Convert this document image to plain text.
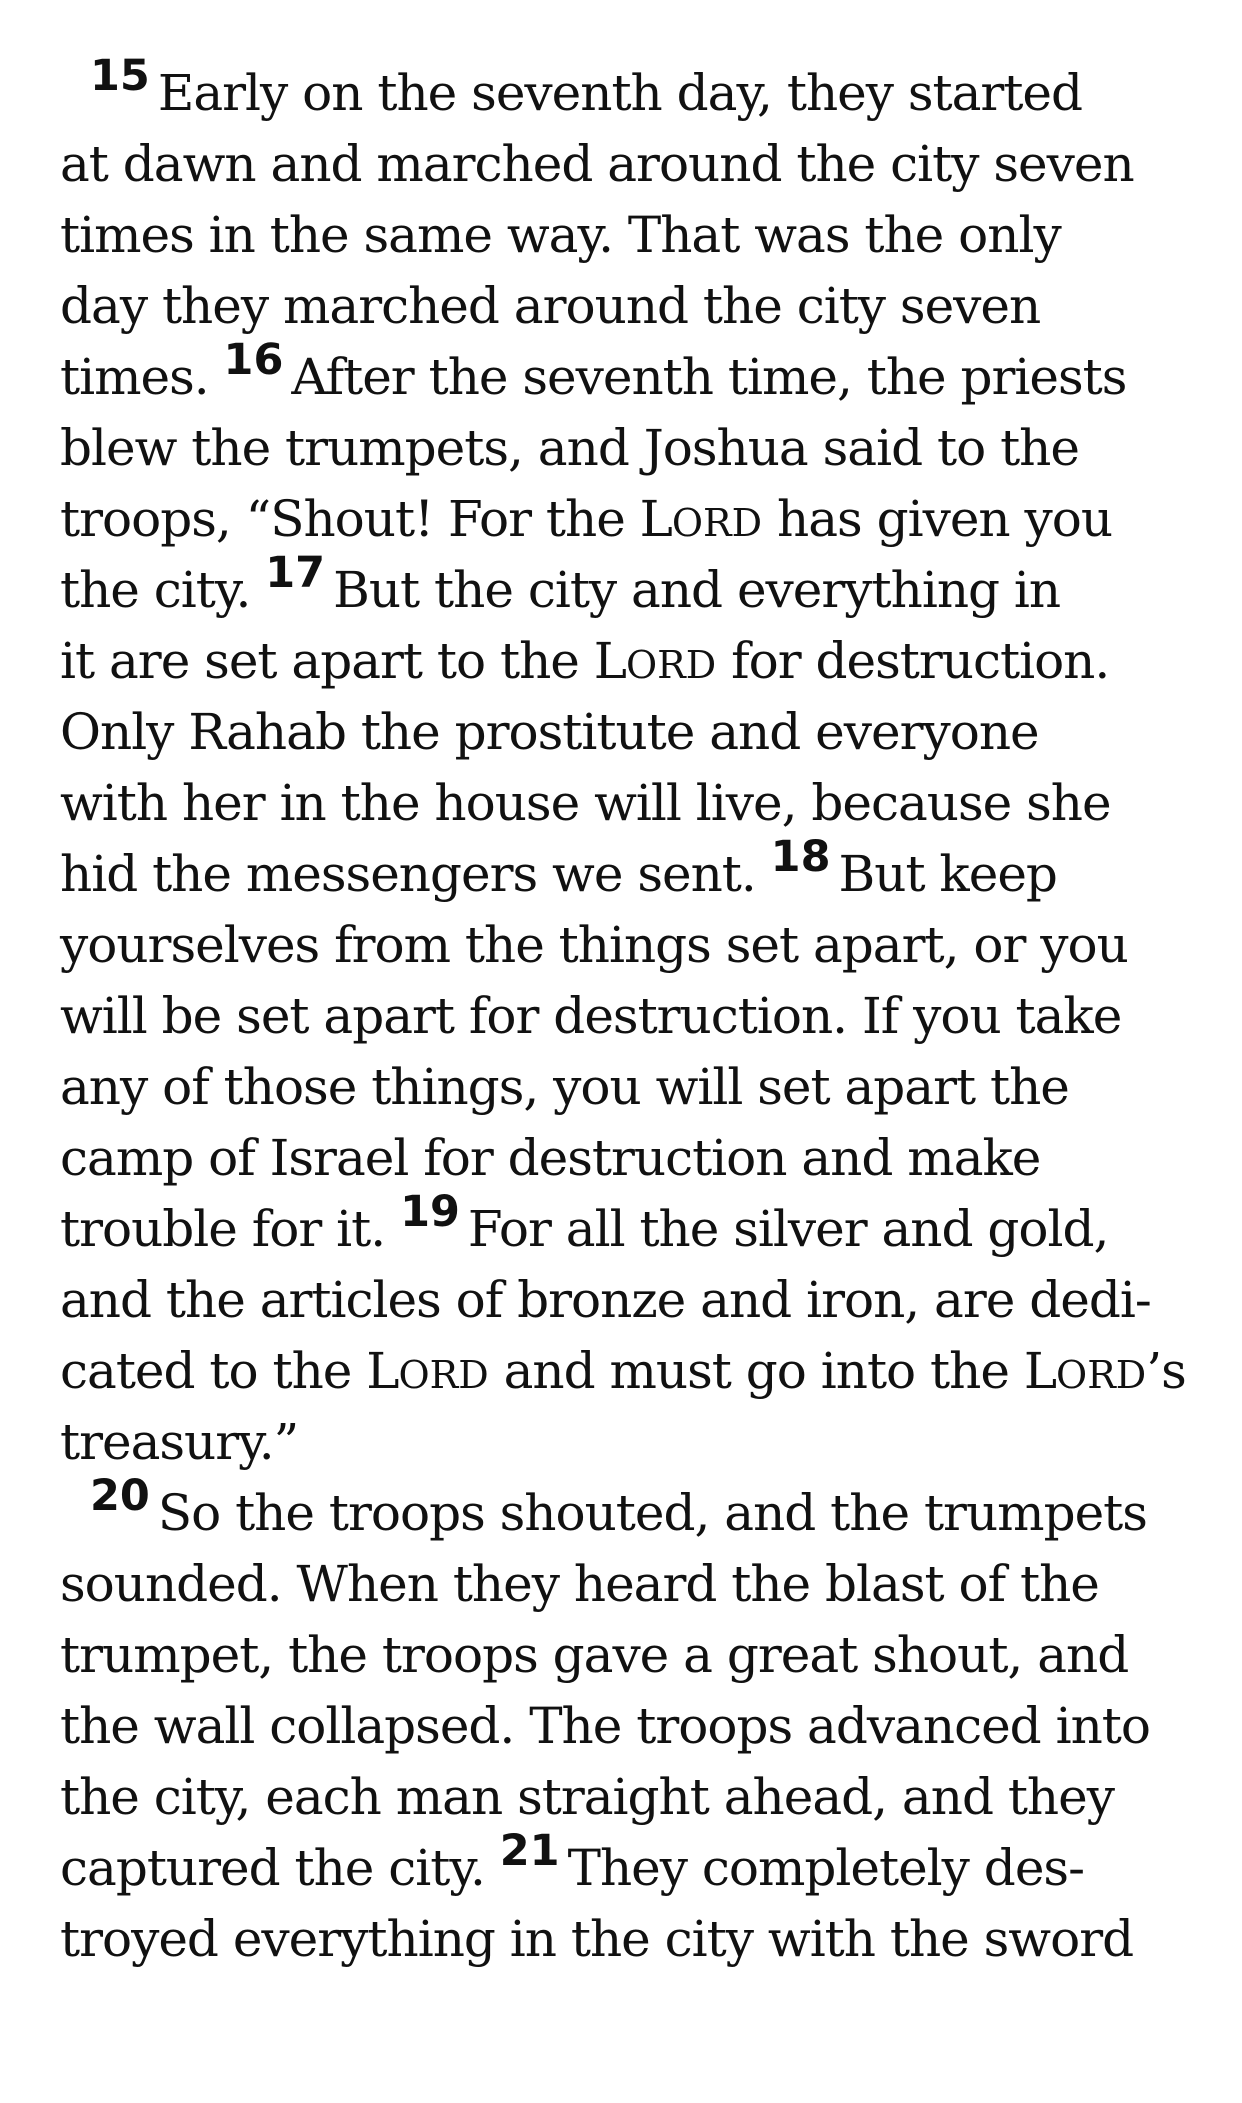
15 Early on the seventh day, they started
at dawn and marched around the city seven
times in the same way. That was the only
day they marched around the city seven
times. 16 After the seventh time, the priests
blew the trumpets, and Joshua said to the
troops, “Shout! For the LORD has given you
the city. 17 But the city and everything in
it are set apart to the LORD for destruction.
Only Rahab the prostitute and everyone
with her in the house will live, because she
hid the messengers we sent. 18 But keep
yourselves from the things set apart, or you
will be set apart for destruction. If you take
any of those things, you will set apart the
camp of Israel for destruction and make
trouble for it. 19 For all the silver and gold,
and the articles of bronze and iron, are dedi-
cated to the LORD and must go into the LORD’s
treasury.”
20 So the troops shouted, and the trumpets
sounded. When they heard the blast of the
trumpet, the troops gave a great shout, and
the wall collapsed. The troops advanced into
the city, each man straight ahead, and they
captured the city. 21 They completely des-
troyed everything in the city with the sword
